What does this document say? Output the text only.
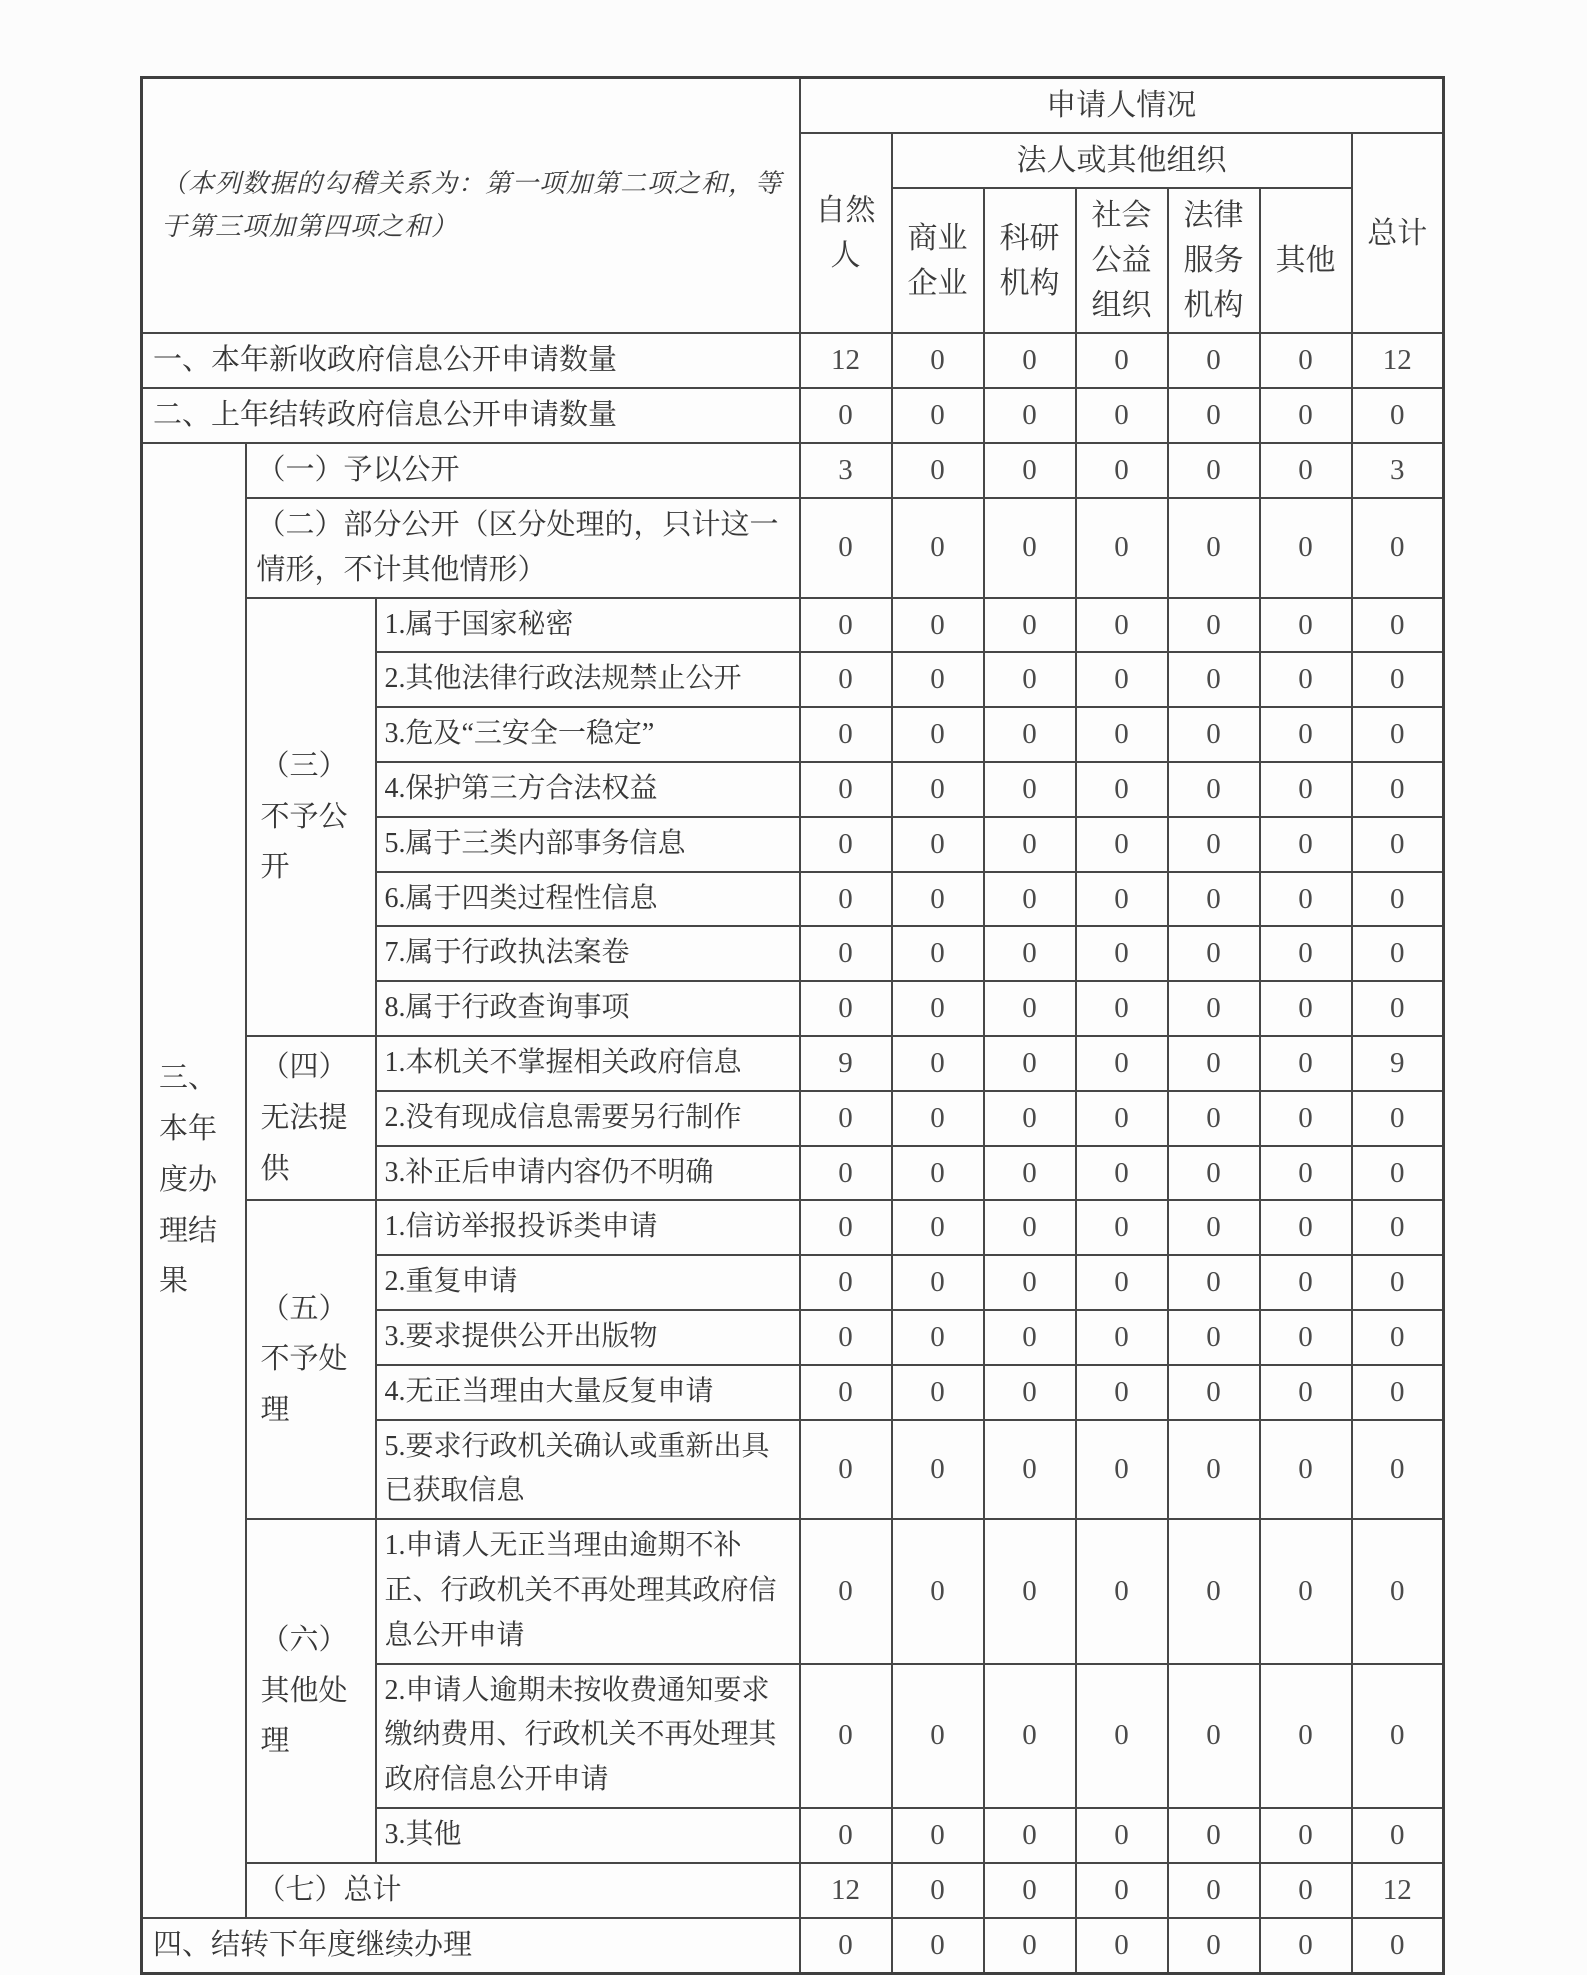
（本列数据的勾稽关系为：第一项加第二项之和，等于第三项加第四项之和）			申请人情况						
			自然人	法人或其他组织					总计
				商业企业	科研机构	社会公益组织	法律服务机构	其他	
一、本年新收政府信息公开申请数量			12	0	0	0	0	0	12
二、上年结转政府信息公开申请数量			0	0	0	0	0	0	0
三、本年度办理结果	（一）予以公开		3	0	0	0	0	0	3
	（二）部分公开（区分处理的，只计这一情形，不计其他情形）		0	0	0	0	0	0	0
	（三）不予公开	1.属于国家秘密	0	0	0	0	0	0	0
		2.其他法律行政法规禁止公开	0	0	0	0	0	0	0
		3.危及“三安全一稳定”	0	0	0	0	0	0	0
		4.保护第三方合法权益	0	0	0	0	0	0	0
		5.属于三类内部事务信息	0	0	0	0	0	0	0
		6.属于四类过程性信息	0	0	0	0	0	0	0
		7.属于行政执法案卷	0	0	0	0	0	0	0
		8.属于行政查询事项	0	0	0	0	0	0	0
	（四）无法提供	1.本机关不掌握相关政府信息	9	0	0	0	0	0	9
		2.没有现成信息需要另行制作	0	0	0	0	0	0	0
		3.补正后申请内容仍不明确	0	0	0	0	0	0	0
	（五）不予处理	1.信访举报投诉类申请	0	0	0	0	0	0	0
		2.重复申请	0	0	0	0	0	0	0
		3.要求提供公开出版物	0	0	0	0	0	0	0
		4.无正当理由大量反复申请	0	0	0	0	0	0	0
		5.要求行政机关确认或重新出具已获取信息	0	0	0	0	0	0	0
	（六）其他处理	1.申请人无正当理由逾期不补正、行政机关不再处理其政府信息公开申请	0	0	0	0	0	0	0
		2.申请人逾期未按收费通知要求缴纳费用、行政机关不再处理其政府信息公开申请	0	0	0	0	0	0	0
		3.其他	0	0	0	0	0	0	0
	（七）总计		12	0	0	0	0	0	12
四、结转下年度继续办理			0	0	0	0	0	0	0
